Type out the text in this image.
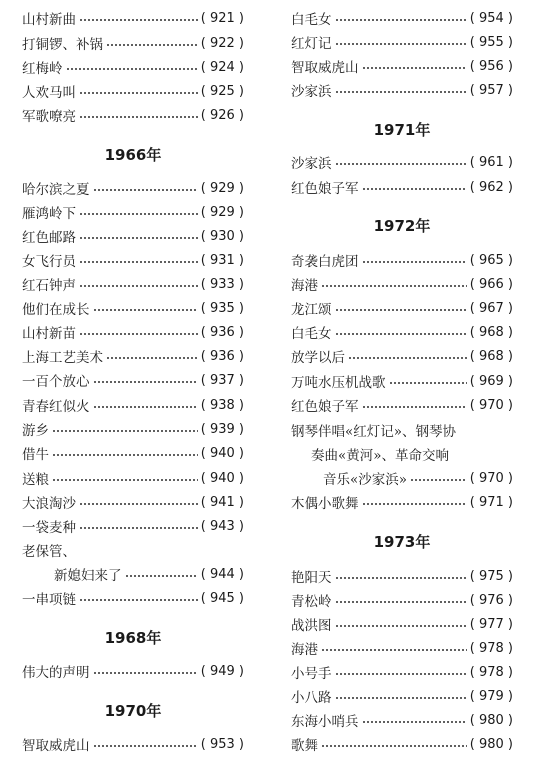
山村新曲	( 921 )
打铜锣、补锅	( 922 )
红梅岭	( 924 )
人欢马叫	( 925 )
军歌嘹亮	( 926 )
1966年
哈尔滨之夏	( 929 )
雁鸿岭下	( 929 )
红色邮路	( 930 )
女飞行员	( 931 )
红石钟声	( 933 )
他们在成长	( 935 )
山村新苗	( 936 )
上海工艺美术	( 936 )
一百个放心	( 937 )
青春红似火	( 938 )
游乡	( 939 )
借牛	( 940 )
送粮	( 940 )
大浪淘沙	( 941 )
一袋麦种	( 943 )
老保管、
新媳妇来了	( 944 )
一串项链	( 945 )
1968年
伟大的声明	( 949 )
1970年
智取威虎山	( 953 )
白毛女	( 954 )
红灯记	( 955 )
智取威虎山	( 956 )
沙家浜	( 957 )
1971年
沙家浜	( 961 )
红色娘子军	( 962 )
1972年
奇袭白虎团	( 965 )
海港	( 966 )
龙江颂	( 967 )
白毛女	( 968 )
放学以后	( 968 )
万吨水压机战歌	( 969 )
红色娘子军	( 970 )
钢琴伴唱«红灯记»、钢琴协
奏曲«黄河»、革命交响
音乐«沙家浜»	( 970 )
木偶小歌舞	( 971 )
1973年
艳阳天	( 975 )
青松岭	( 976 )
战洪图	( 977 )
海港	( 978 )
小号手	( 978 )
小八路	( 979 )
东海小哨兵	( 980 )
歌舞	( 980 )
